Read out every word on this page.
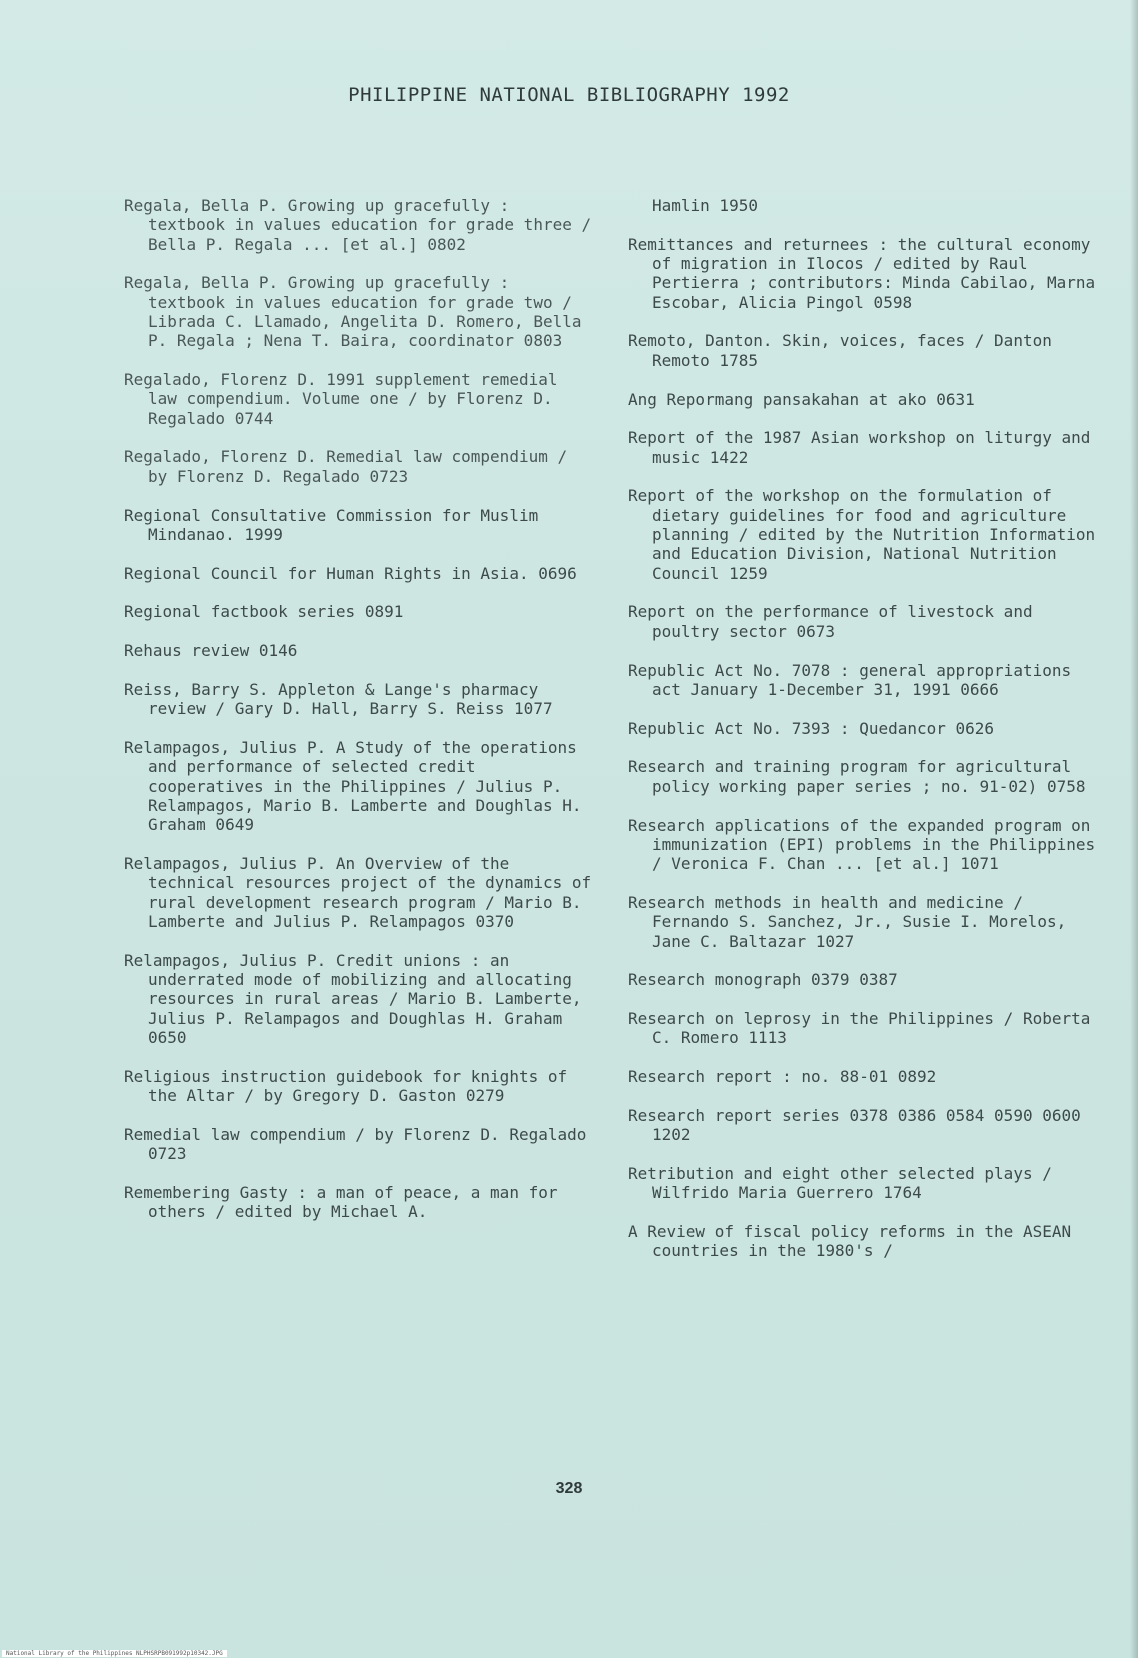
PHILIPPINE NATIONAL BIBLIOGRAPHY 1992
Regala, Bella P. Growing up gracefully : textbook in values education for grade three / Bella P. Regala ... [et al.] 0802
Regala, Bella P. Growing up gracefully : textbook in values education for grade two / Librada C. Llamado, Angelita D. Romero, Bella P. Regala ; Nena T. Baira, coordinator 0803
Regalado, Florenz D. 1991 supplement remedial law compendium. Volume one / by Florenz D. Regalado 0744
Regalado, Florenz D. Remedial law compendium / by Florenz D. Regalado 0723
Regional Consultative Commission for Muslim Mindanao. 1999
Regional Council for Human Rights in Asia. 0696
Regional factbook series 0891
Rehaus review 0146
Reiss, Barry S. Appleton & Lange's pharmacy review / Gary D. Hall, Barry S. Reiss 1077
Relampagos, Julius P. A Study of the operations and performance of selected credit cooperatives in the Philippines / Julius P. Relampagos, Mario B. Lamberte and Doughlas H. Graham 0649
Relampagos, Julius P. An Overview of the technical resources project of the dynamics of rural development research program / Mario B. Lamberte and Julius P. Relampagos 0370
Relampagos, Julius P. Credit unions : an underrated mode of mobilizing and allocating resources in rural areas / Mario B. Lamberte, Julius P. Relampagos and Doughlas H. Graham 0650
Religious instruction guidebook for knights of the Altar / by Gregory D. Gaston 0279
Remedial law compendium / by Florenz D. Regalado 0723
Remembering Gasty : a man of peace, a man for others / edited by Michael A.
Hamlin 1950
Remittances and returnees : the cultural economy of migration in Ilocos / edited by Raul Pertierra ; contributors: Minda Cabilao, Marna Escobar, Alicia Pingol 0598
Remoto, Danton. Skin, voices, faces / Danton Remoto 1785
Ang Repormang pansakahan at ako 0631
Report of the 1987 Asian workshop on liturgy and music 1422
Report of the workshop on the formulation of dietary guidelines for food and agriculture planning / edited by the Nutrition Information and Education Division, National Nutrition Council 1259
Report on the performance of livestock and poultry sector 0673
Republic Act No. 7078 : general appropriations act January 1-December 31, 1991 0666
Republic Act No. 7393 : Quedancor 0626
Research and training program for agricultural policy working paper series ; no. 91-02) 0758
Research applications of the expanded program on immunization (EPI) problems in the Philippines / Veronica F. Chan ... [et al.] 1071
Research methods in health and medicine / Fernando S. Sanchez, Jr., Susie I. Morelos, Jane C. Baltazar 1027
Research monograph 0379 0387
Research on leprosy in the Philippines / Roberta C. Romero 1113
Research report : no. 88-01 0892
Research report series 0378 0386 0584 0590 0600 1202
Retribution and eight other selected plays / Wilfrido Maria Guerrero 1764
A Review of fiscal policy reforms in the ASEAN countries in the 1980's /
328
National Library of the Philippines NLPHSRPB091992p10342.JPG
